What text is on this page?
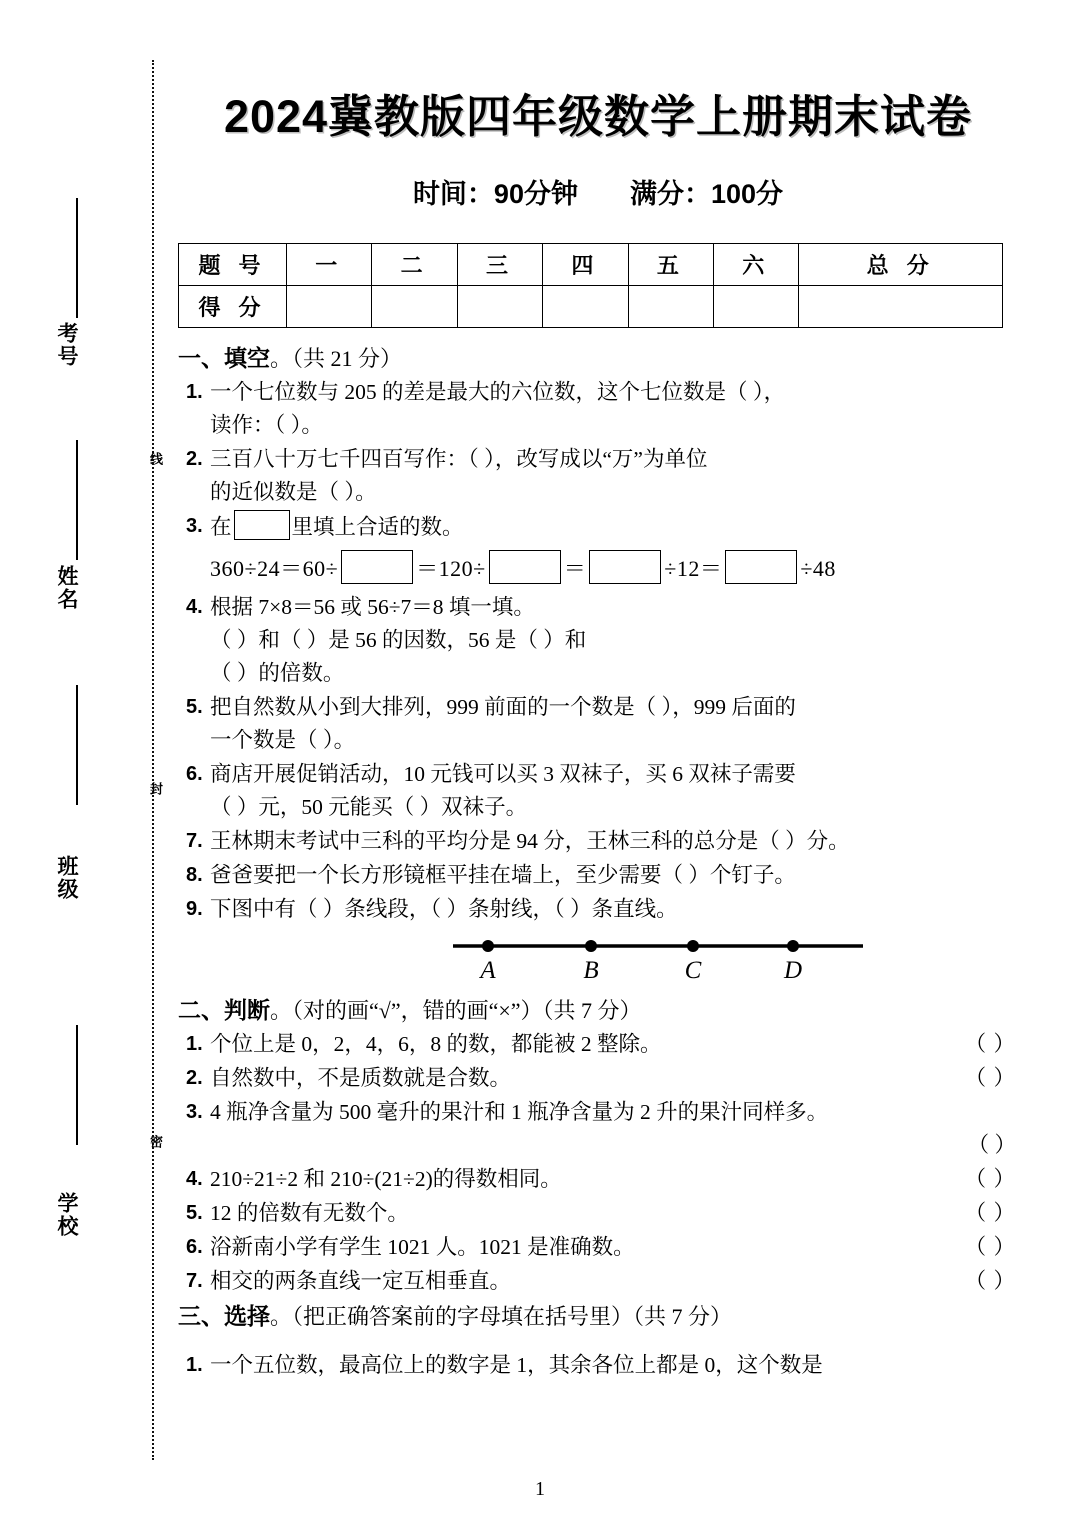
考号
姓名
班级
学校
线
封
密
2024冀教版四年级数学上册期末试卷
时间：90分钟 满分：100分
题 号	一	二	三	四	五	六	总 分
得 分							
一、填空。（共 21 分）
1. 一个七位数与 205 的差是最大的六位数，这个七位数是（ ），
读作：（ ）。
2. 三百八十万七千四百写作：（ ），改写成以“万”为单位
的近似数是（ ）。
3. 在	里填上合适的数。
360÷24＝60÷	＝120÷	＝	÷12＝	÷48
4. 根据 7×8＝56 或 56÷7＝8 填一填。
（ ）和（ ）是 56 的因数，56 是（ ）和
（ ）的倍数。
5. 把自然数从小到大排列，999 前面的一个数是（ ），999 后面的
一个数是（ ）。
6. 商店开展促销活动，10 元钱可以买 3 双袜子，买 6 双袜子需要
（ ）元，50 元能买（ ）双袜子。
7. 王林期末考试中三科的平均分是 94 分，王林三科的总分是（ ）分。
8. 爸爸要把一个长方形镜框平挂在墙上，至少需要（ ）个钉子。
9. 下图中有（ ）条线段，（ ）条射线，（ ）条直线。
A	B	C	D
二、判断。（对的画“√”，错的画“×”）（共 7 分）
1. 个位上是 0，2，4，6，8 的数，都能被 2 整除。	（ ）
2. 自然数中，不是质数就是合数。	（ ）
3. 4 瓶净含量为 500 毫升的果汁和 1 瓶净含量为 2 升的果汁同样多。
（ ）
4. 210÷21÷2 和 210÷(21÷2)的得数相同。	（ ）
5. 12 的倍数有无数个。	（ ）
6. 浴新南小学有学生 1021 人。1021 是准确数。	（ ）
7. 相交的两条直线一定互相垂直。	（ ）
三、选择。（把正确答案前的字母填在括号里）（共 7 分）
1. 一个五位数，最高位上的数字是 1，其余各位上都是 0，这个数是
1
